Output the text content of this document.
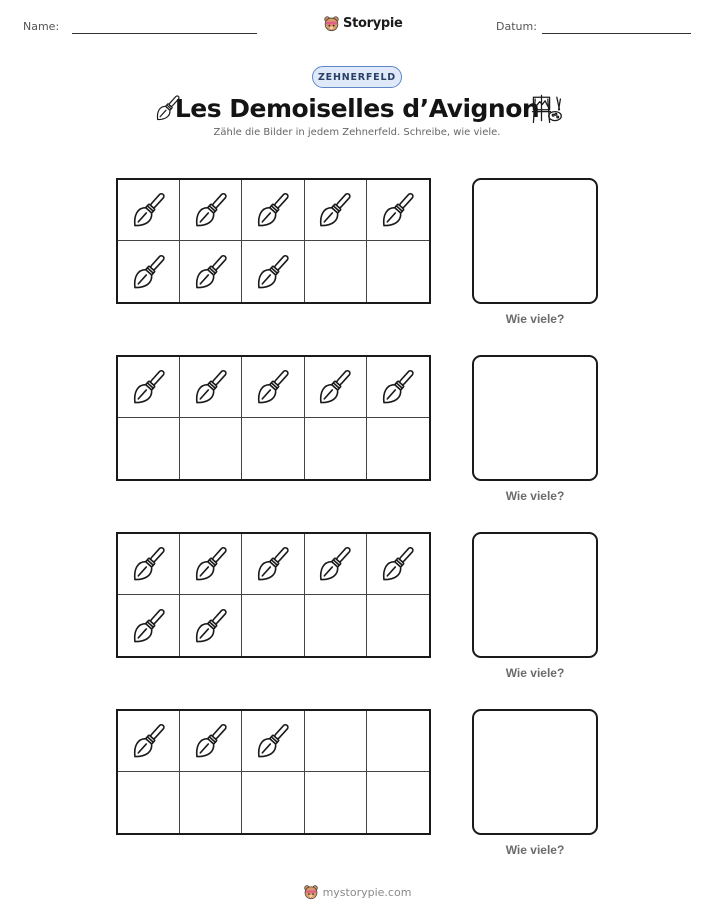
Name:	Storypie	Datum:
ZEHNERFELD
Les Demoiselles d’Avignon
Zähle die Bilder in jedem Zehnerfeld. Schreibe, wie viele.
Wie viele?
Wie viele?
Wie viele?
Wie viele?
mystorypie.com
